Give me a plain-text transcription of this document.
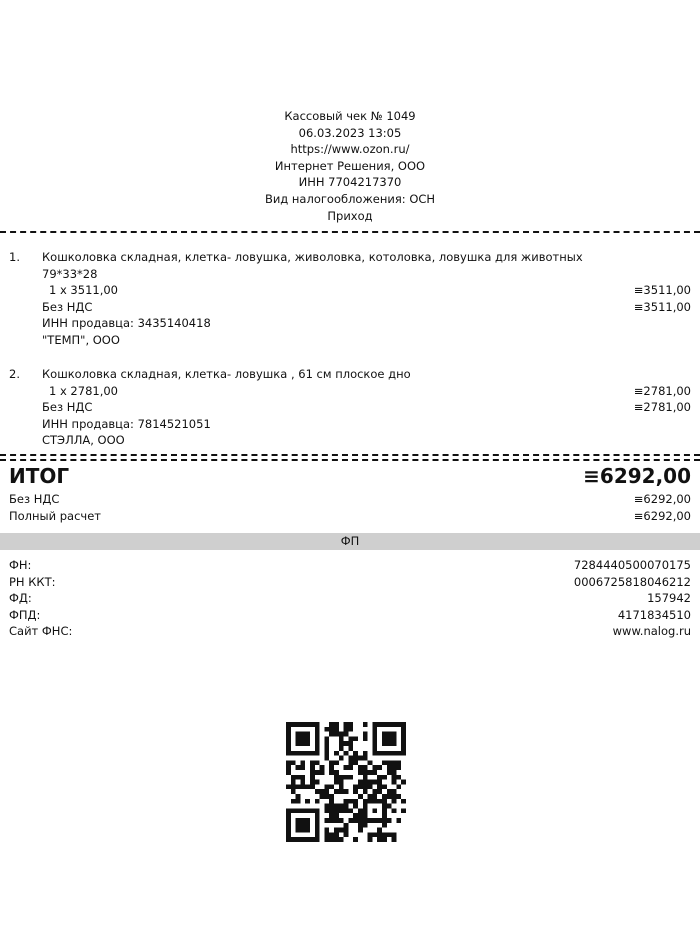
Кассовый чек № 1049
06.03.2023 13:05
https://www.ozon.ru/
Интернет Решения, ООО
ИНН 7704217370
Вид налогообложения: ОСН
Приход
1. Кошколовка складная, клетка- ловушка, живоловка, котоловка, ловушка для животных
79*33*28
1 х 3511,00	≡3511,00
Без НДС	≡3511,00
ИНН продавца: 3435140418
"ТЕМП", ООО
2. Кошколовка складная, клетка- ловушка , 61 см плоское дно
1 х 2781,00	≡2781,00
Без НДС	≡2781,00
ИНН продавца: 7814521051
СТЭЛЛА, ООО
ИТОГ	≡6292,00
Без НДС	≡6292,00
Полный расчет	≡6292,00
ФП
ФН:	7284440500070175
РН ККТ:	0006725818046212
ФД:	157942
ФПД:	4171834510
Сайт ФНС:	www.nalog.ru
